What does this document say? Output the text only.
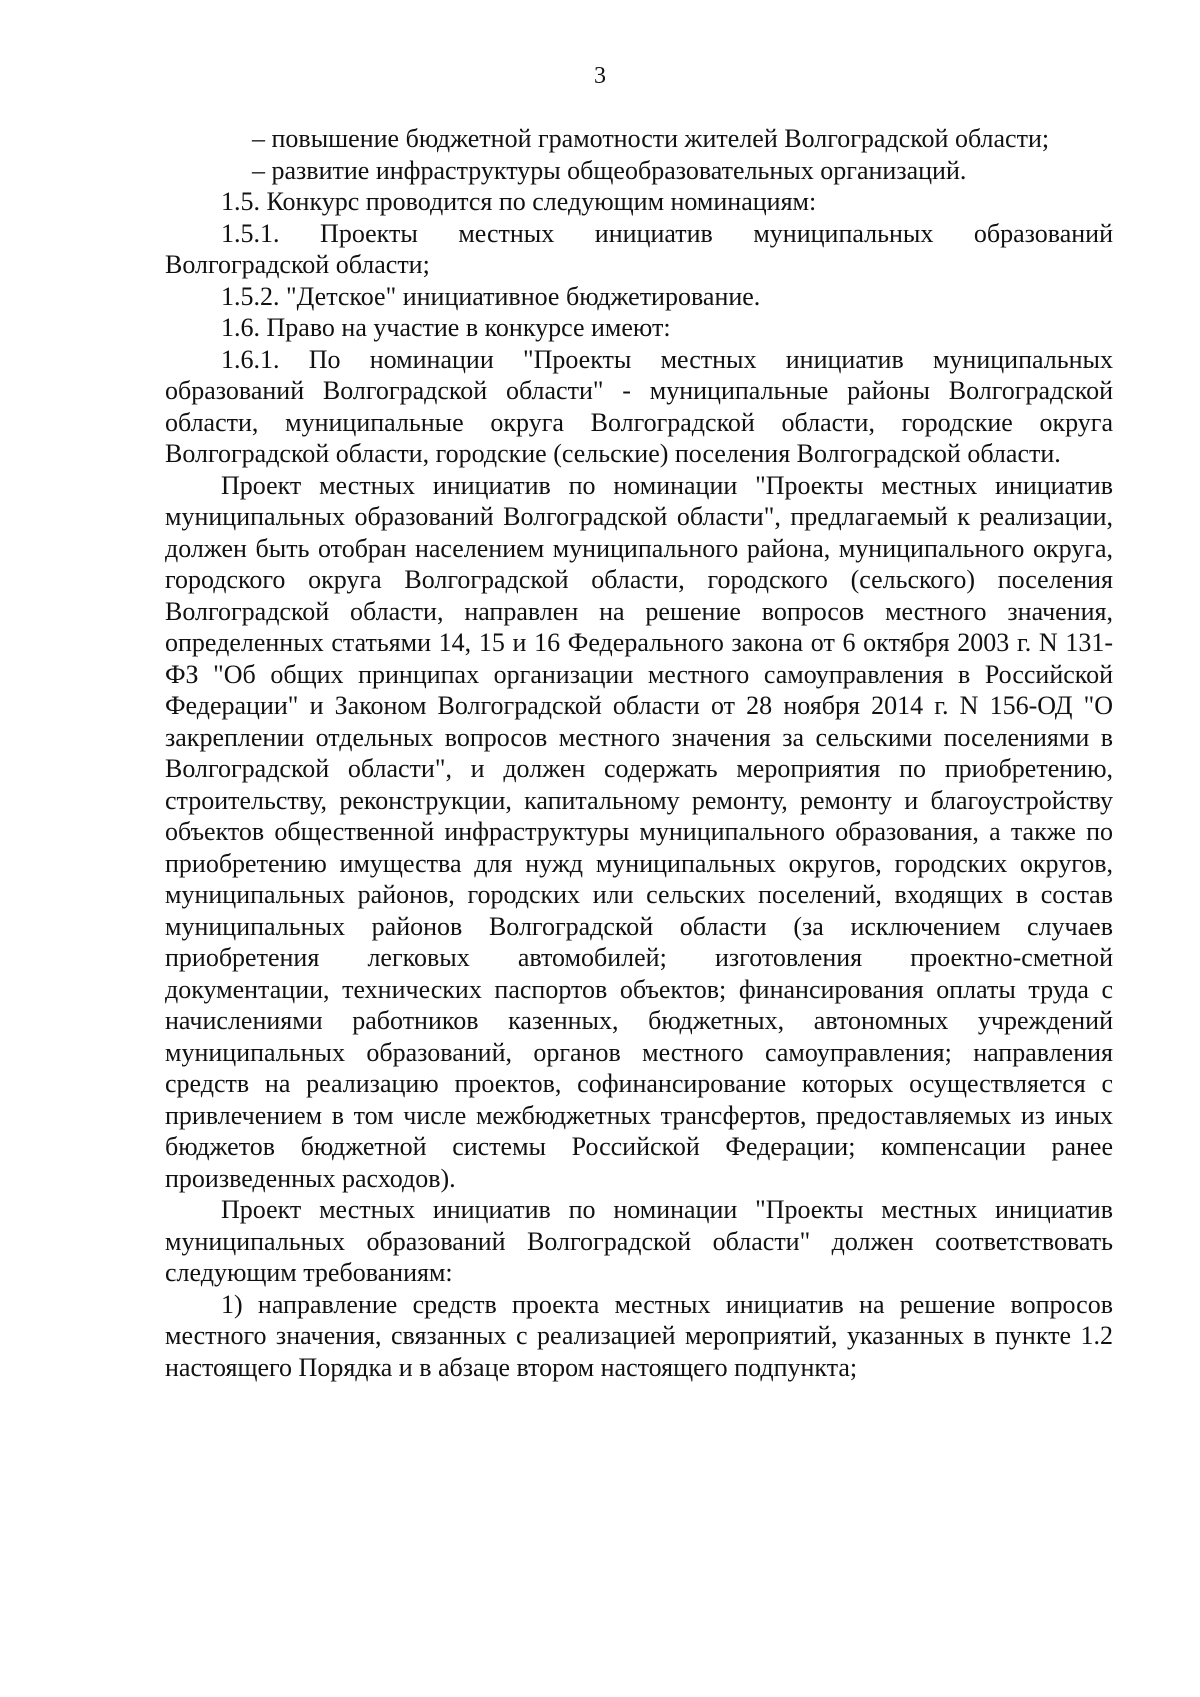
3

– повышение бюджетной грамотности жителей Волгоградской области;

– развитие инфраструктуры общеобразовательных организаций.

1.5. Конкурс проводится по следующим номинациям:

1.5.1. Проекты местных инициатив муниципальных образований Волгоградской области;

1.5.2. "Детское" инициативное бюджетирование.

1.6. Право на участие в конкурсе имеют:

1.6.1. По номинации "Проекты местных инициатив муниципальных образований Волгоградской области" - муниципальные районы Волгоградской области, муниципальные округа Волгоградской области, городские округа Волгоградской области, городские (сельские) поселения Волгоградской области.

Проект местных инициатив по номинации "Проекты местных инициатив муниципальных образований Волгоградской области", предлагаемый к реализации, должен быть отобран населением муниципального района, муниципального округа, городского округа Волгоградской области, городского (сельского) поселения Волгоградской области, направлен на решение вопросов местного значения, определенных статьями 14, 15 и 16 Федерального закона от 6 октября 2003 г. N 131-ФЗ "Об общих принципах организации местного самоуправления в Российской Федерации" и Законом Волгоградской области от 28 ноября 2014 г. N 156-ОД "О закреплении отдельных вопросов местного значения за сельскими поселениями в Волгоградской области", и должен содержать мероприятия по приобретению, строительству, реконструкции, капитальному ремонту, ремонту и благоустройству объектов общественной инфраструктуры муниципального образования, а также по приобретению имущества для нужд муниципальных округов, городских округов, муниципальных районов, городских или сельских поселений, входящих в состав муниципальных районов Волгоградской области (за исключением случаев приобретения легковых автомобилей; изготовления проектно-сметной документации, технических паспортов объектов; финансирования оплаты труда с начислениями работников казенных, бюджетных, автономных учреждений муниципальных образований, органов местного самоуправления; направления средств на реализацию проектов, софинансирование которых осуществляется с привлечением в том числе межбюджетных трансфертов, предоставляемых из иных бюджетов бюджетной системы Российской Федерации; компенсации ранее произведенных расходов).

Проект местных инициатив по номинации "Проекты местных инициатив муниципальных образований Волгоградской области" должен соответствовать следующим требованиям:

1) направление средств проекта местных инициатив на решение вопросов местного значения, связанных с реализацией мероприятий, указанных в пункте 1.2 настоящего Порядка и в абзаце втором настоящего подпункта;
